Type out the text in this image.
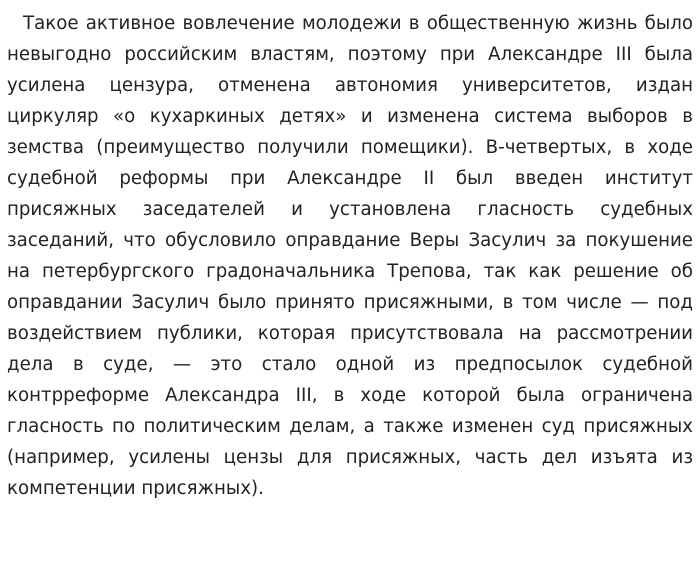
Такое активное вовлечение молодежи в общественную жизнь было невыгодно российским властям, поэтому при Александре III была усилена цензура, отменена автономия университетов, издан циркуляр «о кухаркиных детях» и изменена система выборов в земства (преимущество получили помещики). В-четвертых, в ходе судебной реформы при Александре II был введен институт присяжных заседателей и установлена гласность судебных заседаний, что обусловило оправдание Веры Засулич за покушение на петербургского градоначальника Трепова, так как решение об оправдании Засулич было принято присяжными, в том числе — под воздействием публики, которая присутствовала на рассмотрении дела в суде, — это стало одной из предпосылок судебной контрреформе Александра III, в ходе которой была ограничена гласность по политическим делам, а также изменен суд присяжных (например, усилены цензы для присяжных, часть дел изъята из компетенции присяжных).
